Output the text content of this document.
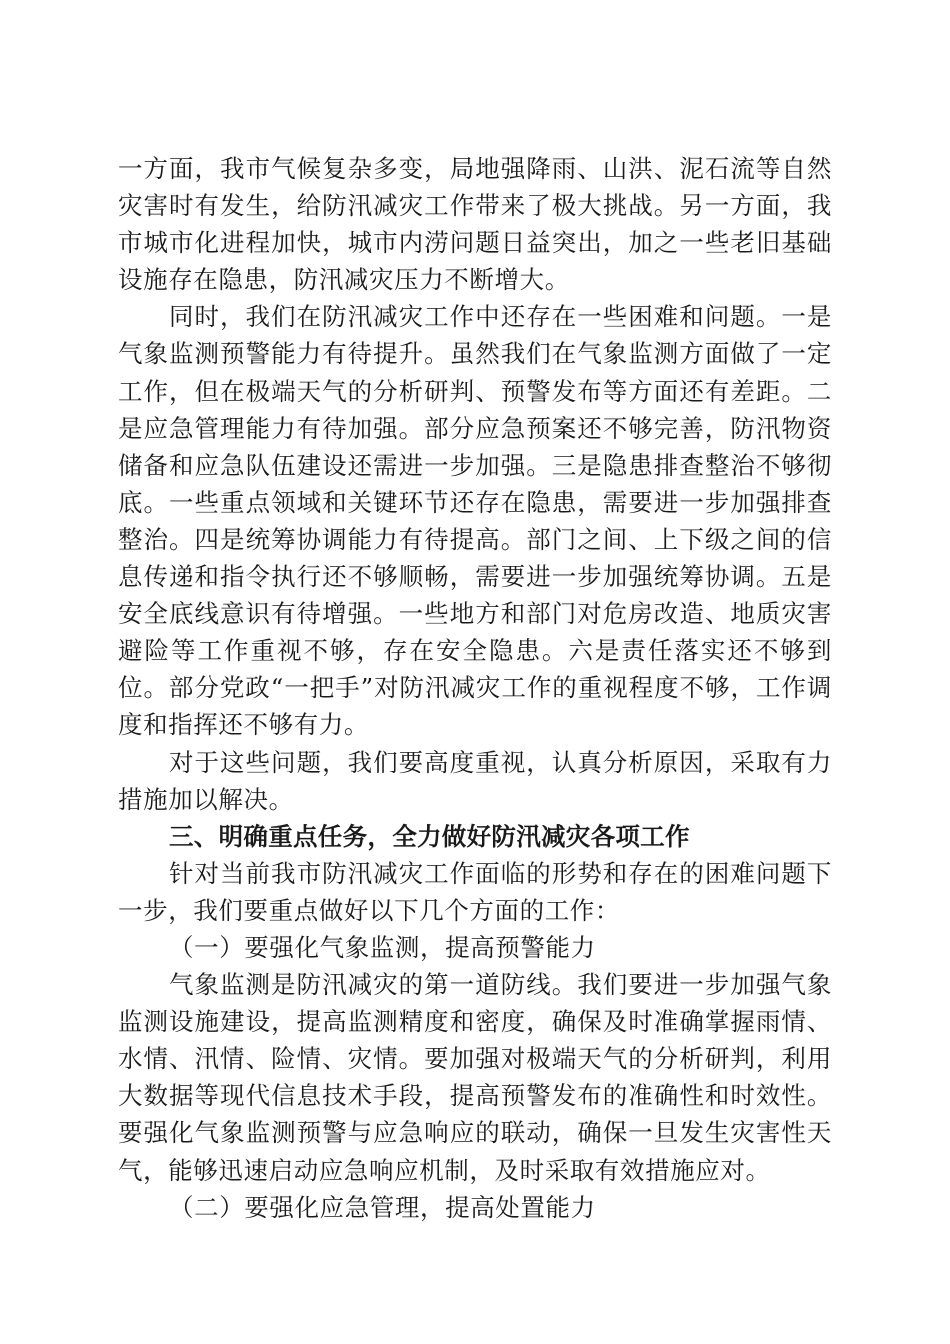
一方面，我市气候复杂多变，局地强降雨、山洪、泥石流等自然灾害时有发生，给防汛减灾工作带来了极大挑战。另一方面，我市城市化进程加快，城市内涝问题日益突出，加之一些老旧基础设施存在隐患，防汛减灾压力不断增大。

同时，我们在防汛减灾工作中还存在一些困难和问题。一是气象监测预警能力有待提升。虽然我们在气象监测方面做了一定工作，但在极端天气的分析研判、预警发布等方面还有差距。二是应急管理能力有待加强。部分应急预案还不够完善，防汛物资储备和应急队伍建设还需进一步加强。三是隐患排查整治不够彻底。一些重点领域和关键环节还存在隐患，需要进一步加强排查整治。四是统筹协调能力有待提高。部门之间、上下级之间的信息传递和指令执行还不够顺畅，需要进一步加强统筹协调。五是安全底线意识有待增强。一些地方和部门对危房改造、地质灾害避险等工作重视不够，存在安全隐患。六是责任落实还不够到位。部分党政“一把手”对防汛减灾工作的重视程度不够，工作调度和指挥还不够有力。

对于这些问题，我们要高度重视，认真分析原因，采取有力措施加以解决。

三、明确重点任务，全力做好防汛减灾各项工作

针对当前我市防汛减灾工作面临的形势和存在的困难问题下一步，我们要重点做好以下几个方面的工作：

（一）要强化气象监测，提高预警能力

气象监测是防汛减灾的第一道防线。我们要进一步加强气象监测设施建设，提高监测精度和密度，确保及时准确掌握雨情、水情、汛情、险情、灾情。要加强对极端天气的分析研判，利用大数据等现代信息技术手段，提高预警发布的准确性和时效性。要强化气象监测预警与应急响应的联动，确保一旦发生灾害性天气，能够迅速启动应急响应机制，及时采取有效措施应对。

（二）要强化应急管理，提高处置能力
